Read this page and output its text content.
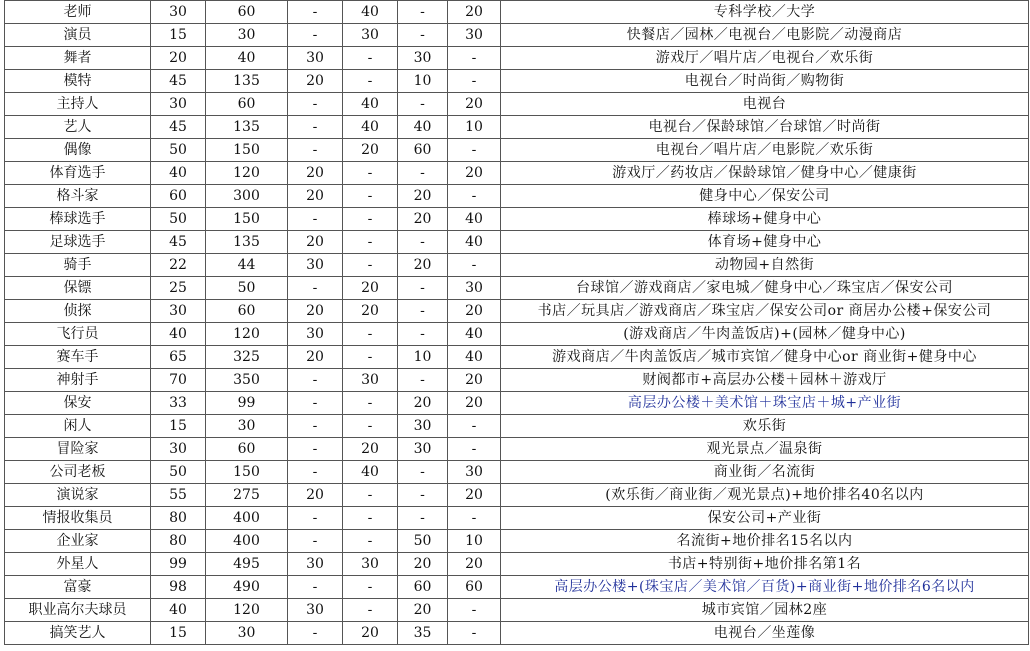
老师	30	60	-	40	-	20	专科学校／大学
演员	15	30	-	30	-	30	快餐店／园林／电视台／电影院／动漫商店
舞者	20	40	30	-	30	-	游戏厅／唱片店／电视台／欢乐街
模特	45	135	20	-	10	-	电视台／时尚街／购物街
主持人	30	60	-	40	-	20	电视台
艺人	45	135	-	40	40	10	电视台／保龄球馆／台球馆／时尚街
偶像	50	150	-	20	60	-	电视台／唱片店／电影院／欢乐街
体育选手	40	120	20	-	-	20	游戏厅／药妆店／保龄球馆／健身中心／健康街
格斗家	60	300	20	-	20	-	健身中心／保安公司
棒球选手	50	150	-	-	20	40	棒球场+健身中心
足球选手	45	135	20	-	-	40	体育场+健身中心
骑手	22	44	30	-	20	-	动物园+自然街
保镖	25	50	-	20	-	30	台球馆／游戏商店／家电城／健身中心／珠宝店／保安公司
侦探	30	60	20	20	-	20	书店／玩具店／游戏商店／珠宝店／保安公司or 商居办公楼+保安公司
飞行员	40	120	30	-	-	40	(游戏商店／牛肉盖饭店)+(园林／健身中心)
赛车手	65	325	20	-	10	40	游戏商店／牛肉盖饭店／城市宾馆／健身中心or 商业街+健身中心
神射手	70	350	-	30	-	20	财阀都市+高层办公楼＋园林＋游戏厅
保安	33	99	-	-	20	20	高层办公楼＋美术馆＋珠宝店＋城+产业街
闲人	15	30	-	-	30	-	欢乐街
冒险家	30	60	-	20	30	-	观光景点／温泉街
公司老板	50	150	-	40	-	30	商业街／名流街
演说家	55	275	20	-	-	20	(欢乐街／商业街／观光景点)+地价排名40名以内
情报收集员	80	400	-	-	-	-	保安公司+产业街
企业家	80	400	-	-	50	10	名流街+地价排名15名以内
外星人	99	495	30	30	20	20	书店+特别街+地价排名第1名
富豪	98	490	-	-	60	60	高层办公楼+(珠宝店／美术馆／百货)+商业街+地价排名6名以内
职业高尔夫球员	40	120	30	-	20	-	城市宾馆／园林2座
搞笑艺人	15	30	-	20	35	-	电视台／坐莲像
